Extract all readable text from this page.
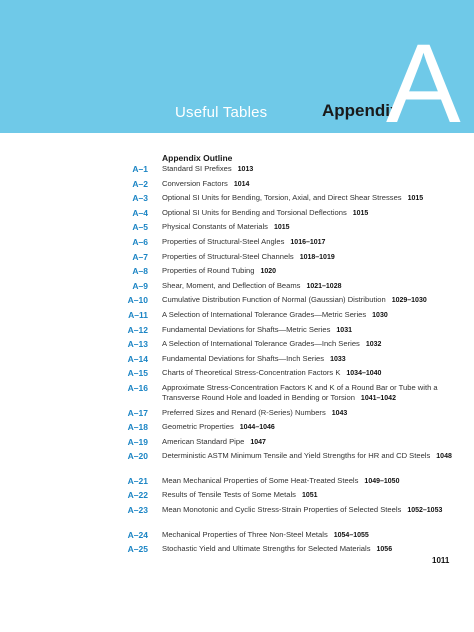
Useful Tables	Appendix
A
Appendix Outline
A–1 Standard SI Prefixes 1013
A–2 Conversion Factors 1014
A–3 Optional SI Units for Bending, Torsion, Axial, and Direct Shear Stresses 1015
A–4 Optional SI Units for Bending and Torsional Deflections 1015
A–5 Physical Constants of Materials 1015
A–6 Properties of Structural-Steel Angles 1016–1017
A–7 Properties of Structural-Steel Channels 1018–1019
A–8 Properties of Round Tubing 1020
A–9 Shear, Moment, and Deflection of Beams 1021–1028
A–10 Cumulative Distribution Function of Normal (Gaussian) Distribution 1029–1030
A–11 A Selection of International Tolerance Grades—Metric Series 1030
A–12 Fundamental Deviations for Shafts—Metric Series 1031
A–13 A Selection of International Tolerance Grades—Inch Series 1032
A–14 Fundamental Deviations for Shafts—Inch Series 1033
A–15 Charts of Theoretical Stress-Concentration Factors K 1034–1040
A–16 Approximate Stress-Concentration Factors K and K of a Round Bar or Tube with a Transverse Round Hole and loaded in Bending or Torsion 1041–1042
A–17 Preferred Sizes and Renard (R-Series) Numbers 1043
A–18 Geometric Properties 1044–1046
A–19 American Standard Pipe 1047
A–20 Deterministic ASTM Minimum Tensile and Yield Strengths for HR and CD Steels 1048
A–21 Mean Mechanical Properties of Some Heat-Treated Steels 1049–1050
A–22 Results of Tensile Tests of Some Metals 1051
A–23 Mean Monotonic and Cyclic Stress-Strain Properties of Selected Steels 1052–1053
A–24 Mechanical Properties of Three Non-Steel Metals 1054–1055
A–25 Stochastic Yield and Ultimate Strengths for Selected Materials 1056
1011
